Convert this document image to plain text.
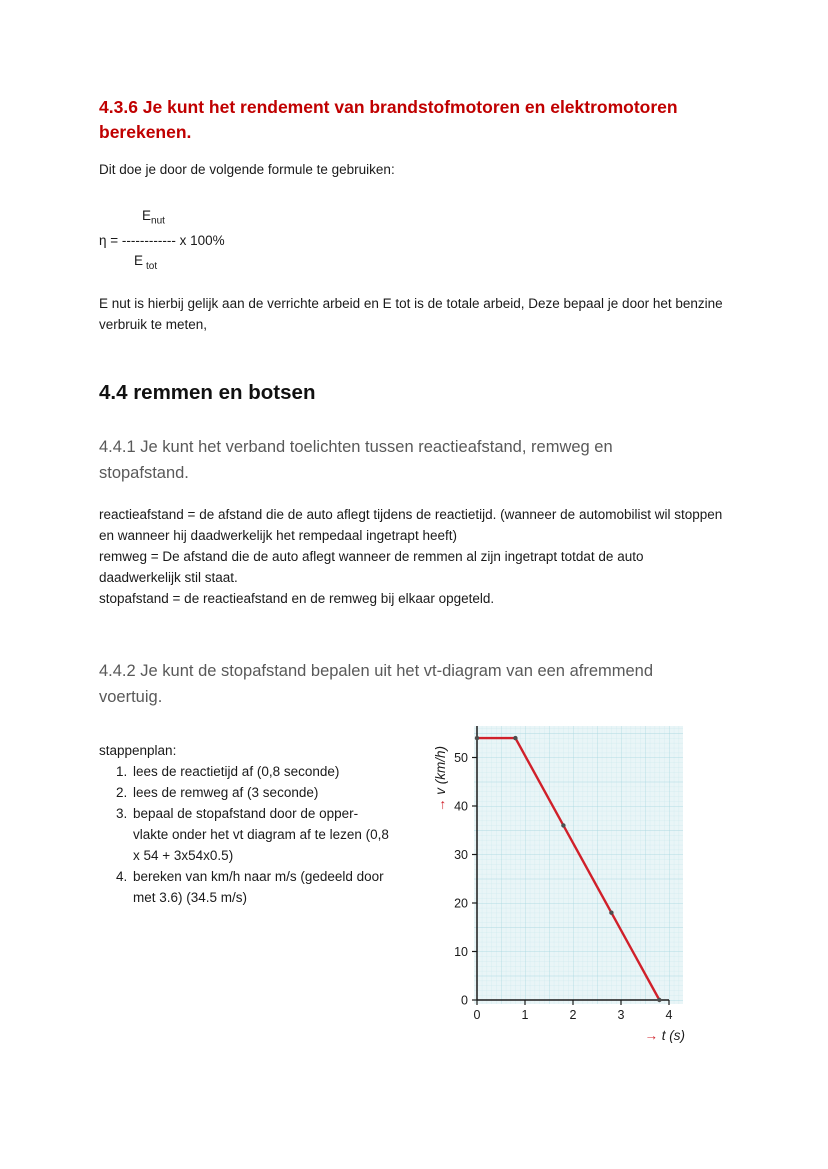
4.3.6 Je kunt het rendement van brandstofmotoren en elektromotoren berekenen.

Dit doe je door de volgende formule te gebruiken:

$E_{nut}$
η = ------------ x 100%
E $_{tot}$

E nut is hierbij gelijk aan de verrichte arbeid en E tot is de totale arbeid, Deze bepaal je door het benzine verbruik te meten,

4.4 remmen en botsen
4.4.1 Je kunt het verband toelichten tussen reactieafstand, remweg en stopafstand.
reactieafstand = de afstand die de auto aflegt tijdens de reactietijd. (wanneer de automobilist wil stoppen en wanneer hij daadwerkelijk het rempedaal ingetrapt heeft)
remweg = De afstand die de auto aflegt wanneer de remmen al zijn ingetrapt totdat de auto daadwerkelijk stil staat.
stopafstand = de reactieafstand en de remweg bij elkaar opgeteld.
4.4.2 Je kunt de stopafstand bepalen uit het vt-diagram van een afremmend voertuig.
stappenplan:
1. lees de reactietijd af (0,8 seconde)
2. lees de remweg af (3 seconde)
3. bepaal de stopafstand door de opper-vlakte onder het vt diagram af te lezen (0,8 x 54 + 3x54x0.5)
4. bereken van km/h naar m/s (gedeeld door met 3.6) (34.5 m/s)
0	1	2	3	4
0
10
20
30
40
50
→ t (s)
→ v (km/h)
